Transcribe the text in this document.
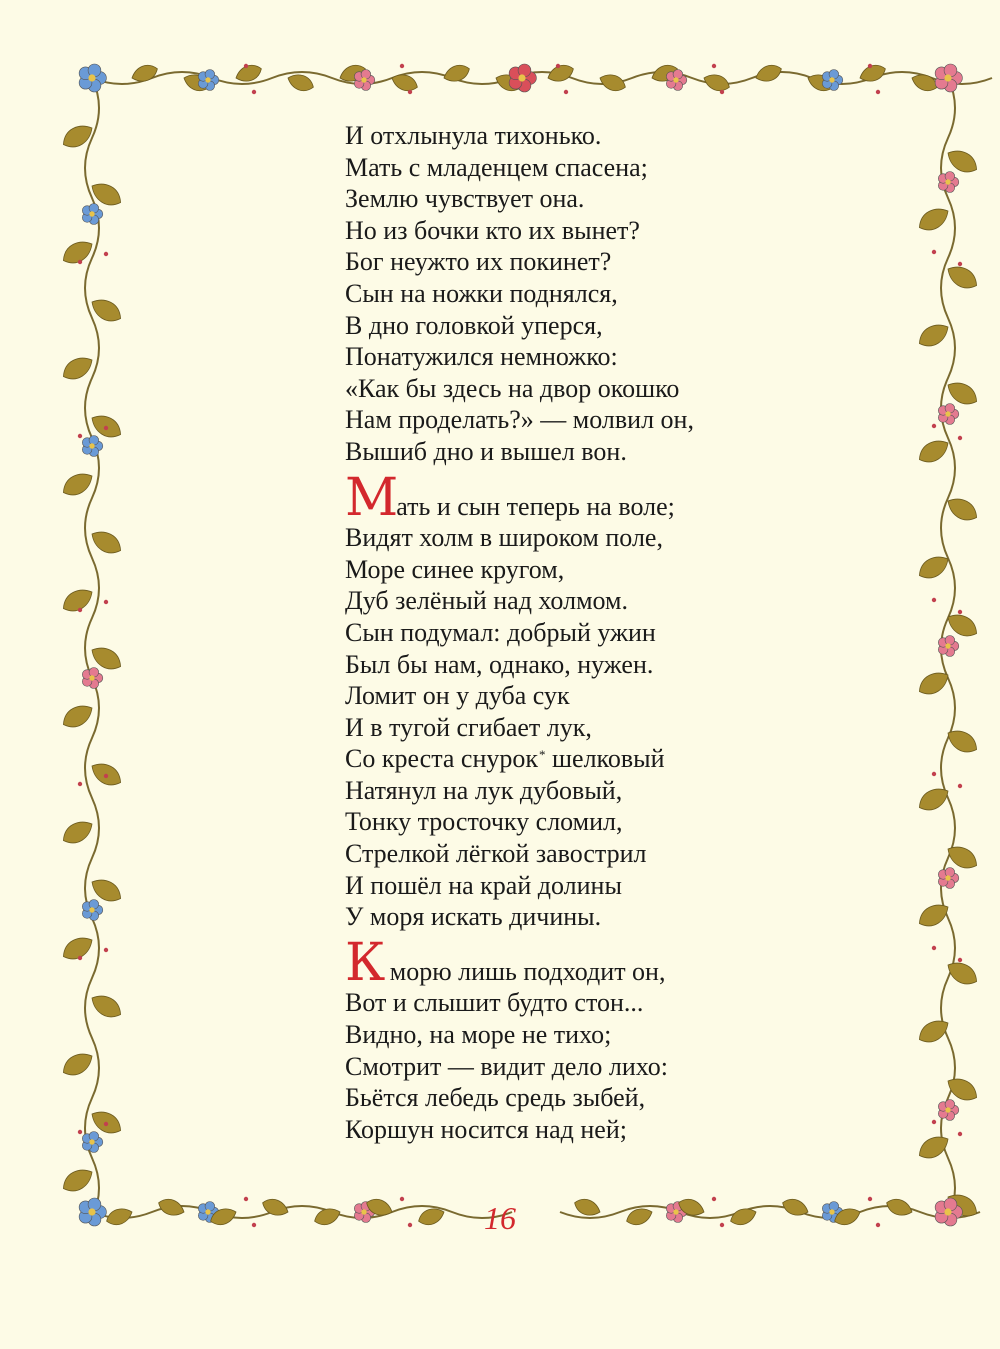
И отхлынула тихонько.
Мать с младенцем спасена;
Землю чувствует она.
Но из бочки кто их вынет?
Бог неужто их покинет?
Сын на ножки поднялся,
В дно головкой уперся,
Понатужился немножко:
«Как бы здесь на двор окошко
Нам проделать?» — молвил он,
Вышиб дно и вышел вон.
Мать и сын теперь на воле;
Видят холм в широком поле,
Море синее кругом,
Дуб зелёный над холмом.
Сын подумал: добрый ужин
Был бы нам, однако, нужен.
Ломит он у дуба сук
И в тугой сгибает лук,
Со креста снурок* шелковый
Натянул на лук дубовый,
Тонку тросточку сломил,
Стрелкой лёгкой завострил
И пошёл на край долины
У моря искать дичины.
К морю лишь подходит он,
Вот и слышит будто стон...
Видно, на море не тихо;
Смотрит — видит дело лихо:
Бьётся лебедь средь зыбей,
Коршун носится над ней;
16
